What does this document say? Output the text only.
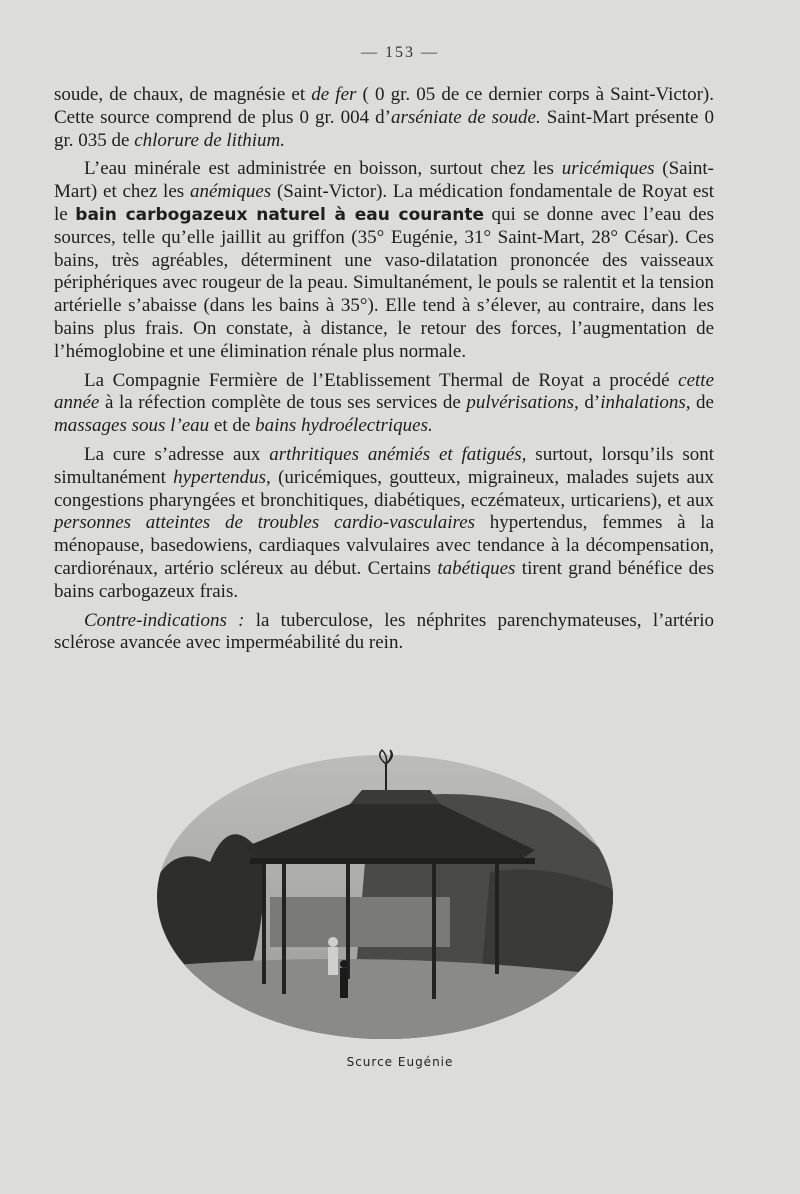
— 153 —

soude, de chaux, de magnésie et de fer ( 0 gr. 05 de ce dernier corps à Saint-Victor). Cette source comprend de plus 0 gr. 004 d’arséniate de soude. Saint-Mart présente 0 gr. 035 de chlorure de lithium.

L’eau minérale est administrée en boisson, surtout chez les uricémiques (Saint-Mart) et chez les anémiques (Saint-Victor). La médication fondamentale de Royat est le bain carbogazeux naturel à eau courante qui se donne avec l’eau des sources, telle qu’elle jaillit au griffon (35° Eugénie, 31° Saint-Mart, 28° César). Ces bains, très agréables, déterminent une vaso-dilatation prononcée des vaisseaux périphériques avec rougeur de la peau. Simultanément, le pouls se ralentit et la tension artérielle s’abaisse (dans les bains à 35°). Elle tend à s’élever, au contraire, dans les bains plus frais. On constate, à distance, le retour des forces, l’augmentation de l’hémoglobine et une élimination rénale plus normale.

La Compagnie Fermière de l’Etablissement Thermal de Royat a procédé cette année à la réfection complète de tous ses services de pulvérisations, d’inhalations, de massages sous l’eau et de bains hydroélectriques.

La cure s’adresse aux arthritiques anémiés et fatigués, surtout, lorsqu’ils sont simultanément hypertendus, (uricémiques, goutteux, migraineux, malades sujets aux congestions pharyngées et bronchitiques, diabétiques, eczémateux, urticariens), et aux personnes atteintes de troubles cardio-vasculaires hypertendus, femmes à la ménopause, basedowiens, cardiaques valvulaires avec tendance à la décompensation, cardiorénaux, artério scléreux au début. Certains tabétiques tirent grand bénéfice des bains carbogazeux frais.

Contre-indications : la tuberculose, les néphrites parenchymateuses, l’artério sclérose avancée avec imperméabilité du rein.

Scurce Eugénie
